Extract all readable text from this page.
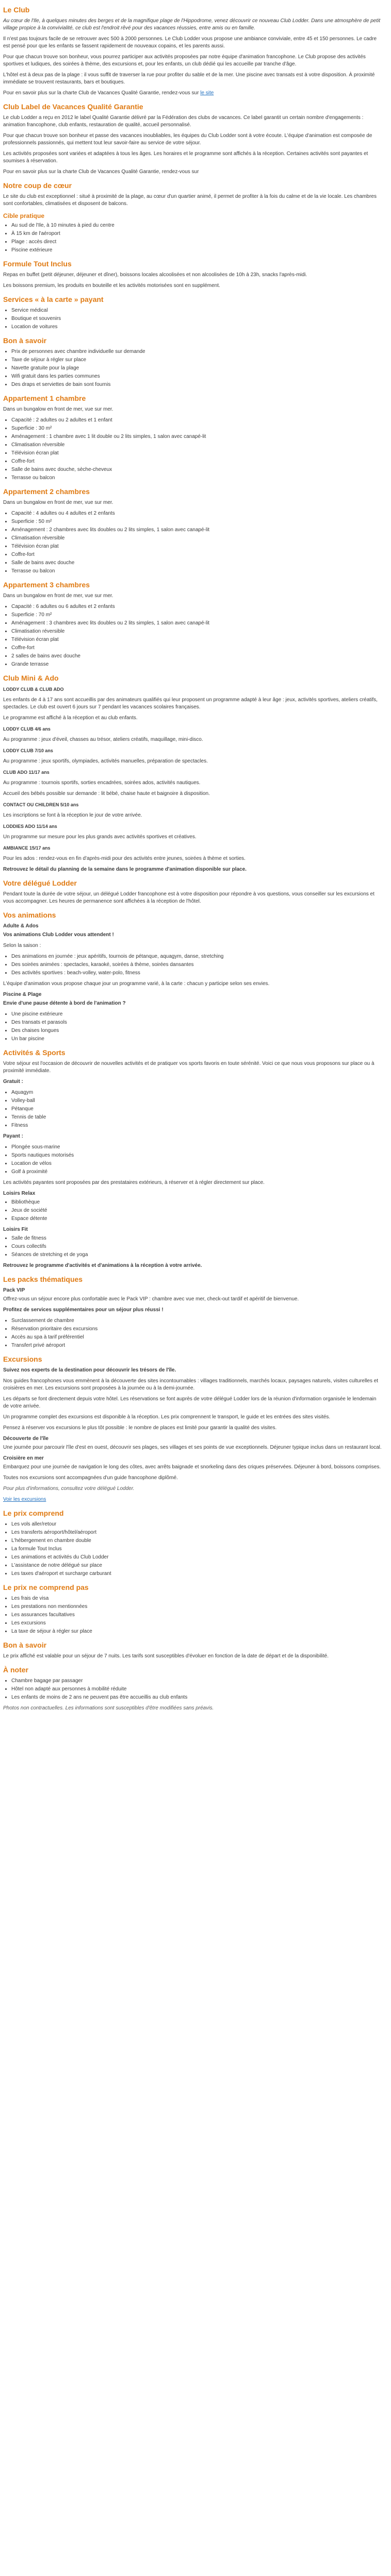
Le Club

Au cœur de l'Ile, à quelques minutes des berges et de la magnifique plage de l'Hippodrome, venez découvrir ce nouveau Club Lodder. Dans une atmosphère de petit village propice à la convivialité, ce club est l'endroit rêvé pour des vacances réussies, entre amis ou en famille.

Il n'est pas toujours facile de se retrouver avec 500 à 2000 personnes. Le Club Lodder vous propose une ambiance conviviale, entre 45 et 150 personnes. Le cadre est pensé pour que les enfants se fassent rapidement de nouveaux copains, et les parents aussi.

Pour que chacun trouve son bonheur, vous pourrez participer aux activités proposées par notre équipe d'animation francophone. Le Club propose des activités sportives et ludiques, des soirées à thème, des excursions et, pour les enfants, un club dédié qui les accueille par tranche d'âge.

L'hôtel est à deux pas de la plage : il vous suffit de traverser la rue pour profiter du sable et de la mer. Une piscine avec transats est à votre disposition. À proximité immédiate se trouvent restaurants, bars et boutiques.

Pour en savoir plus sur la charte Club de Vacances Qualité Garantie, rendez-vous sur le site

Club Label de Vacances Qualité Garantie

Le club Lodder a reçu en 2012 le label Qualité Garantie délivré par la Fédération des clubs de vacances. Ce label garantit un certain nombre d'engagements : animation francophone, club enfants, restauration de qualité, accueil personnalisé.

Pour que chacun trouve son bonheur et passe des vacances inoubliables, les équipes du Club Lodder sont à votre écoute. L'équipe d'animation est composée de professionnels passionnés, qui mettent tout leur savoir-faire au service de votre séjour.

Les activités proposées sont variées et adaptées à tous les âges. Les horaires et le programme sont affichés à la réception. Certaines activités sont payantes et soumises à réservation.

Pour en savoir plus sur la charte Club de Vacances Qualité Garantie, rendez-vous sur

Notre coup de cœur

Le site du club est exceptionnel : situé à proximité de la plage, au cœur d'un quartier animé, il permet de profiter à la fois du calme et de la vie locale. Les chambres sont confortables, climatisées et disposent de balcons.

Cible pratique
• Au sud de l'Ile, à 10 minutes à pied du centre
• À 15 km de l'aéroport
• Plage : accès direct
• Piscine extérieure
Formule Tout Inclus

Repas en buffet (petit déjeuner, déjeuner et dîner), boissons locales alcoolisées et non alcoolisées de 10h à 23h, snacks l'après-midi.

Les boissons premium, les produits en bouteille et les activités motorisées sont en supplément.

Services « à la carte » payant
• Service médical
• Boutique et souvenirs
• Location de voitures
Bon à savoir
• Prix de personnes avec chambre individuelle sur demande
• Taxe de séjour à régler sur place
• Navette gratuite pour la plage
• Wifi gratuit dans les parties communes
• Des draps et serviettes de bain sont fournis
Appartement 1 chambre

Dans un bungalow en front de mer, vue sur mer.

• Capacité : 2 adultes ou 2 adultes et 1 enfant
• Superficie : 30 m²
• Aménagement : 1 chambre avec 1 lit double ou 2 lits simples, 1 salon avec canapé-lit
• Climatisation réversible
• Télévision écran plat
• Coffre-fort
• Salle de bains avec douche, sèche-cheveux
• Terrasse ou balcon
Appartement 2 chambres

Dans un bungalow en front de mer, vue sur mer.

• Capacité : 4 adultes ou 4 adultes et 2 enfants
• Superficie : 50 m²
• Aménagement : 2 chambres avec lits doubles ou 2 lits simples, 1 salon avec canapé-lit
• Climatisation réversible
• Télévision écran plat
• Coffre-fort
• Salle de bains avec douche
• Terrasse ou balcon
Appartement 3 chambres

Dans un bungalow en front de mer, vue sur mer.

• Capacité : 6 adultes ou 6 adultes et 2 enfants
• Superficie : 70 m²
• Aménagement : 3 chambres avec lits doubles ou 2 lits simples, 1 salon avec canapé-lit
• Climatisation réversible
• Télévision écran plat
• Coffre-fort
• 2 salles de bains avec douche
• Grande terrasse
Club Mini & Ado

LODDY CLUB & CLUB ADO

Les enfants de 4 à 17 ans sont accueillis par des animateurs qualifiés qui leur proposent un programme adapté à leur âge : jeux, activités sportives, ateliers créatifs, spectacles. Le club est ouvert 6 jours sur 7 pendant les vacances scolaires françaises.

Le programme est affiché à la réception et au club enfants.

LODDY CLUB 4/6 ans

Au programme : jeux d'éveil, chasses au trésor, ateliers créatifs, maquillage, mini-disco.

LODDY CLUB 7/10 ans

Au programme : jeux sportifs, olympiades, activités manuelles, préparation de spectacles.

CLUB ADO 11/17 ans

Au programme : tournois sportifs, sorties encadrées, soirées ados, activités nautiques.

Accueil des bébés possible sur demande : lit bébé, chaise haute et baignoire à disposition.

CONTACT OU CHILDREN 5/10 ans

Les inscriptions se font à la réception le jour de votre arrivée.

LODDIES ADO 11/14 ans

Un programme sur mesure pour les plus grands avec activités sportives et créatives.

AMBIANCE 15/17 ans

Pour les ados : rendez-vous en fin d'après-midi pour des activités entre jeunes, soirées à thème et sorties.

Retrouvez le détail du planning de la semaine dans le programme d'animation disponible sur place.

Votre délégué Lodder

Pendant toute la durée de votre séjour, un délégué Lodder francophone est à votre disposition pour répondre à vos questions, vous conseiller sur les excursions et vous accompagner. Les heures de permanence sont affichées à la réception de l'hôtel.

Vos animations
Adulte & Ados

Vos animations Club Lodder vous attendent !

Selon la saison :

• Des animations en journée : jeux apéritifs, tournois de pétanque, aquagym, danse, stretching
• Des soirées animées : spectacles, karaoké, soirées à thème, soirées dansantes
• Des activités sportives : beach-volley, water-polo, fitness

L'équipe d'animation vous propose chaque jour un programme varié, à la carte : chacun y participe selon ses envies.

Piscine & Plage

Envie d'une pause détente à bord de l'animation ?

• Une piscine extérieure
• Des transats et parasols
• Des chaises longues
• Un bar piscine
Activités & Sports

Votre séjour est l'occasion de découvrir de nouvelles activités et de pratiquer vos sports favoris en toute sérénité. Voici ce que nous vous proposons sur place ou à proximité immédiate.

Gratuit :

• Aquagym
• Volley-ball
• Pétanque
• Tennis de table
• Fitness

Payant :

• Plongée sous-marine
• Sports nautiques motorisés
• Location de vélos
• Golf à proximité

Les activités payantes sont proposées par des prestataires extérieurs, à réserver et à régler directement sur place.

Loisirs Relax
• Bibliothèque
• Jeux de société
• Espace détente
Loisirs Fit
• Salle de fitness
• Cours collectifs
• Séances de stretching et de yoga

Retrouvez le programme d'activités et d'animations à la réception à votre arrivée.

Les packs thématiques
Pack VIP

Offrez-vous un séjour encore plus confortable avec le Pack VIP : chambre avec vue mer, check-out tardif et apéritif de bienvenue.

Profitez de services supplémentaires pour un séjour plus réussi !

• Surclassement de chambre
• Réservation prioritaire des excursions
• Accès au spa à tarif préférentiel
• Transfert privé aéroport
Excursions

Suivez nos experts de la destination pour découvrir les trésors de l'île.

Nos guides francophones vous emmènent à la découverte des sites incontournables : villages traditionnels, marchés locaux, paysages naturels, visites culturelles et croisières en mer. Les excursions sont proposées à la journée ou à la demi-journée.

Les départs se font directement depuis votre hôtel. Les réservations se font auprès de votre délégué Lodder lors de la réunion d'information organisée le lendemain de votre arrivée.

Un programme complet des excursions est disponible à la réception. Les prix comprennent le transport, le guide et les entrées des sites visités.

Pensez à réserver vos excursions le plus tôt possible : le nombre de places est limité pour garantir la qualité des visites.

Découverte de l'île

Une journée pour parcourir l'île d'est en ouest, découvrir ses plages, ses villages et ses points de vue exceptionnels. Déjeuner typique inclus dans un restaurant local.

Croisière en mer

Embarquez pour une journée de navigation le long des côtes, avec arrêts baignade et snorkeling dans des criques préservées. Déjeuner à bord, boissons comprises.

Toutes nos excursions sont accompagnées d'un guide francophone diplômé.

Pour plus d'informations, consultez votre délégué Lodder.

Voir les excursions

Le prix comprend
• Les vols aller/retour
• Les transferts aéroport/hôtel/aéroport
• L'hébergement en chambre double
• La formule Tout Inclus
• Les animations et activités du Club Lodder
• L'assistance de notre délégué sur place
• Les taxes d'aéroport et surcharge carburant
Le prix ne comprend pas
• Les frais de visa
• Les prestations non mentionnées
• Les assurances facultatives
• Les excursions
• La taxe de séjour à régler sur place
Bon à savoir

Le prix affiché est valable pour un séjour de 7 nuits. Les tarifs sont susceptibles d'évoluer en fonction de la date de départ et de la disponibilité.

À noter
• Chambre bagage par passager
• Hôtel non adapté aux personnes à mobilité réduite
• Les enfants de moins de 2 ans ne peuvent pas être accueillis au club enfants

Photos non contractuelles. Les informations sont susceptibles d'être modifiées sans préavis.
